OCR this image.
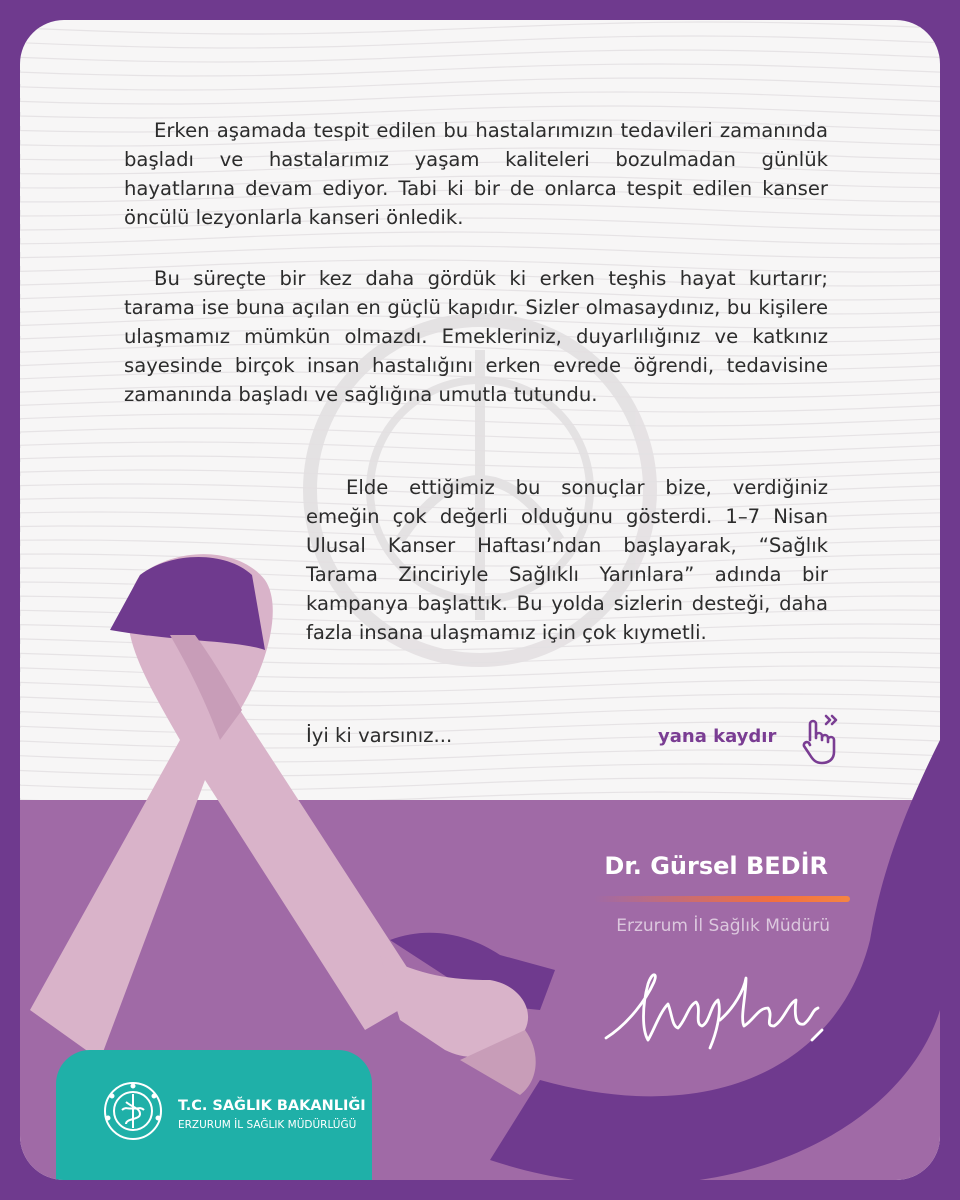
Erken aşamada tespit edilen bu hastalarımızın tedavileri zamanında başladı ve hastalarımız yaşam kaliteleri bozulmadan günlük hayatlarına devam ediyor. Tabi ki bir de onlarca tespit edilen kanser öncülü lezyonlarla kanseri önledik.

Bu süreçte bir kez daha gördük ki erken teşhis hayat kurtarır; tarama ise buna açılan en güçlü kapıdır. Sizler olmasaydınız, bu kişilere ulaşmamız mümkün olmazdı. Emekleriniz, duyarlılığınız ve katkınız sayesinde birçok insan hastalığını erken evrede öğrendi, tedavisine zamanında başladı ve sağlığına umutla tutundu.

Elde ettiğimiz bu sonuçlar bize, verdiğiniz emeğin çok değerli olduğunu gösterdi. 1–7 Nisan Ulusal Kanser Haftası’ndan başlayarak, “Sağlık Tarama Zinciriyle Sağlıklı Yarınlara” adında bir kampanya başlattık. Bu yolda sizlerin desteği, daha fazla insana ulaşmamız için çok kıymetli.

İyi ki varsınız...	yana kaydır
Dr. Gürsel BEDİR
Erzurum İl Sağlık Müdürü
T.C. SAĞLIK BAKANLIĞI
ERZURUM İL SAĞLIK MÜDÜRLÜĞÜ
